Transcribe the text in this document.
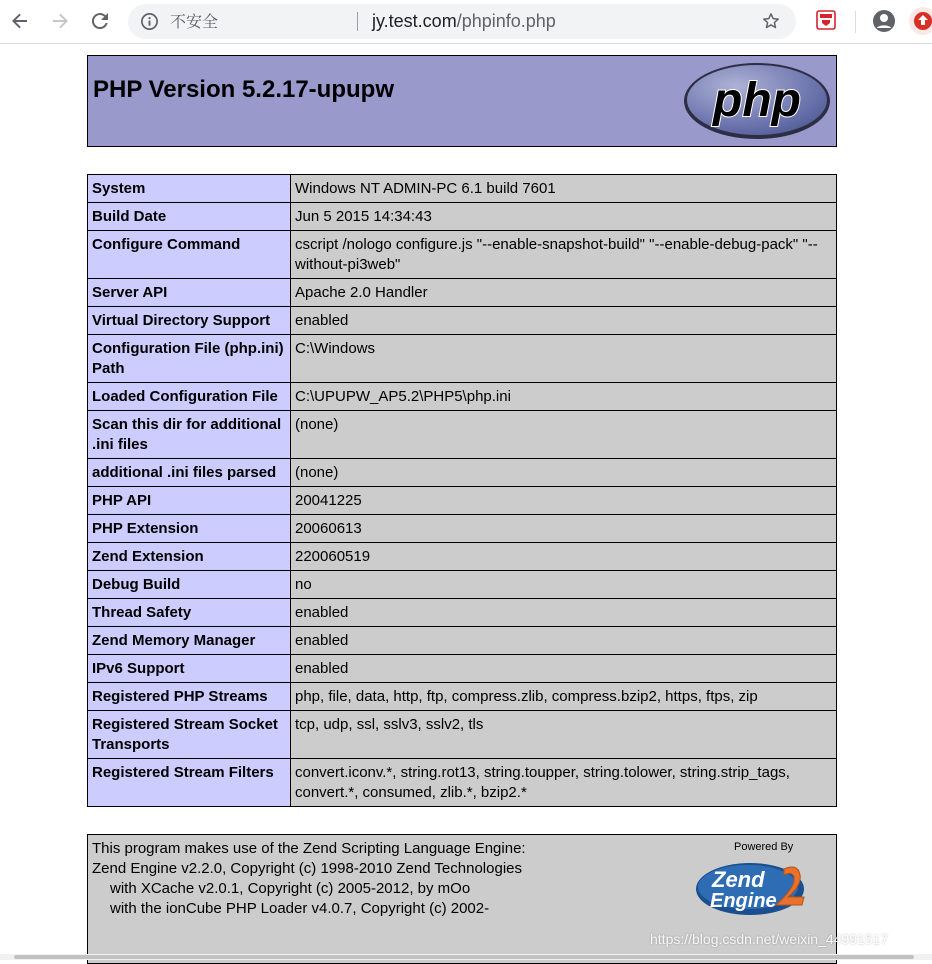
不安全	jy.test.com/phpinfo.php
PHP Version 5.2.17-upupw	php
System	Windows NT ADMIN-PC 6.1 build 7601
Build Date	Jun 5 2015 14:34:43
Configure Command	cscript /nologo configure.js "--enable-snapshot-build" "--enable-debug-pack" "--without-pi3web"
Server API	Apache 2.0 Handler
Virtual Directory Support	enabled
Configuration File (php.ini) Path	C:\Windows
Loaded Configuration File	C:\UPUPW_AP5.2\PHP5\php.ini
Scan this dir for additional .ini files	(none)
additional .ini files parsed	(none)
PHP API	20041225
PHP Extension	20060613
Zend Extension	220060519
Debug Build	no
Thread Safety	enabled
Zend Memory Manager	enabled
IPv6 Support	enabled
Registered PHP Streams	php, file, data, http, ftp, compress.zlib, compress.bzip2, https, ftps, zip
Registered Stream Socket Transports	tcp, udp, ssl, sslv3, sslv2, tls
Registered Stream Filters	convert.iconv.*, string.rot13, string.toupper, string.tolower, string.strip_tags, convert.*, consumed, zlib.*, bzip2.*
This program makes use of the Zend Scripting Language Engine:
Zend Engine v2.2.0, Copyright (c) 1998-2010 Zend Technologies
with XCache v2.0.1, Copyright (c) 2005-2012, by mOo
with the ionCube PHP Loader v4.0.7, Copyright (c) 2002-
Powered By
Zend
Engine
https://blog.csdn.net/weixin_44991517
